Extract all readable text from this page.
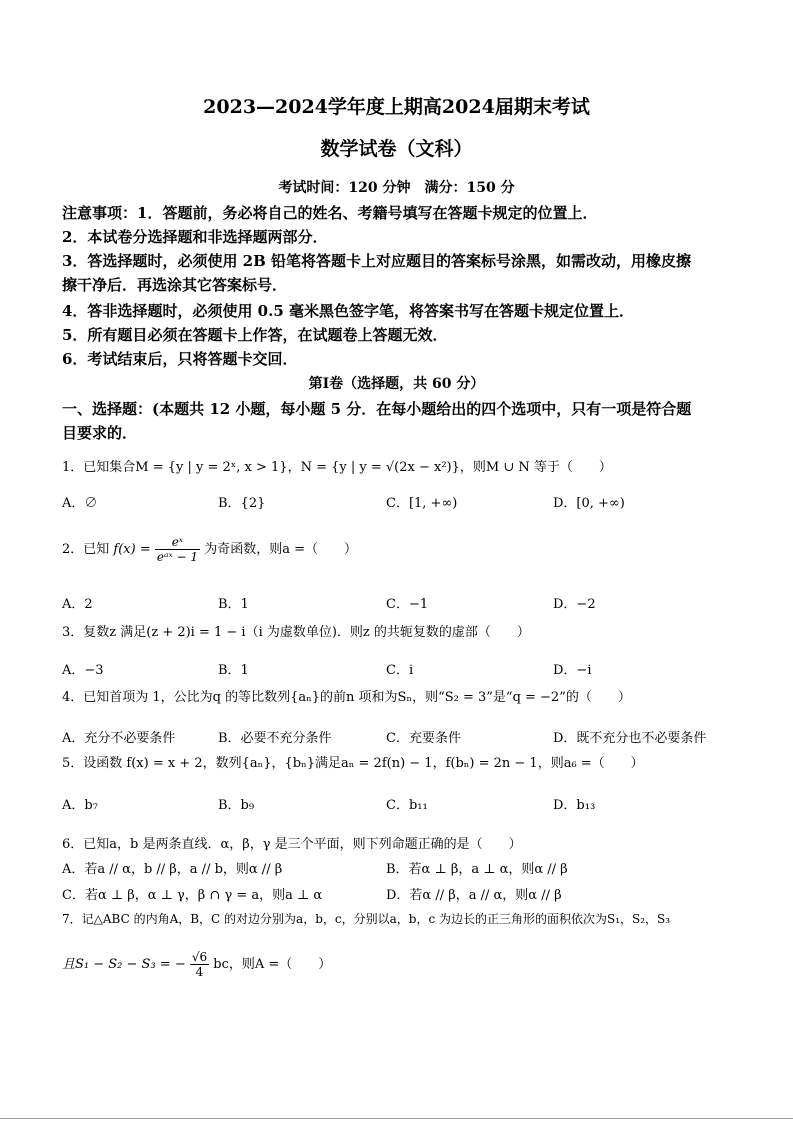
2023—2024学年度上期高2024届期末考试
数学试卷（文科）
考试时间：120 分钟　满分：150 分
注意事项：1．答题前，务必将自己的姓名、考籍号填写在答题卡规定的位置上．
2．本试卷分选择题和非选择题两部分．
3．答选择题时，必须使用 2B 铅笔将答题卡上对应题目的答案标号涂黑，如需改动，用橡皮擦
擦干净后．再选涂其它答案标号．
4．答非选择题时，必须使用 0.5 毫米黑色签字笔，将答案书写在答题卡规定位置上．
5．所有题目必须在答题卡上作答，在试题卷上答题无效．
6．考试结束后，只将答题卡交回．
第Ⅰ卷（选择题，共 60 分）
一、选择题：(本题共 12 小题，每小题 5 分．在每小题给出的四个选项中，只有一项是符合题
目要求的．
1．已知集合M = {y | y = 2ˣ, x > 1}，N = {y | y = √(2x − x²)}，则M ∪ N 等于（　　）
A．∅	B．{2}	C．[1, +∞)	D．[0, +∞)
2．已知 $f(x) = \frac{\text{eˣ}}{\text{eᵃˣ − 1}}$ 为奇函数，则a =（　　）
A．2	B．1	C．−1	D．−2
3．复数z 满足(z + 2)i = 1 − i（i 为虚数单位)．则z 的共轭复数的虚部（　　）
A．−3	B．1	C．i	D．−i
4．已知首项为 1，公比为q 的等比数列{aₙ}的前n 项和为Sₙ，则“S₂ = 3”是“q = −2”的（　　）
A．充分不必要条件	B．必要不充分条件	C．充要条件	D．既不充分也不必要条件
5．设函数 f(x) = x + 2，数列{aₙ}，{bₙ}满足aₙ = 2f(n) − 1，f(bₙ) = 2n − 1，则a₆ =（　　）
A．b₇	B．b₉	C．b₁₁	D．b₁₃
6．已知a，b 是两条直线．α，β，γ 是三个平面，则下列命题正确的是（　　）
A．若a // α，b // β，a // b，则α // β	B．若α ⊥ β，a ⊥ α，则α // β
C．若α ⊥ β，α ⊥ γ，β ∩ γ = a，则a ⊥ α	D．若α // β，a // α，则α // β
7．记△ABC 的内角A，B，C 的对边分别为a，b，c，分别以a，b，c 为边长的正三角形的面积依次为S₁，S₂，S₃
且S₁ − S₂ − S₃ = − $\frac{√6}{4}$ bc，则A =（　　）
